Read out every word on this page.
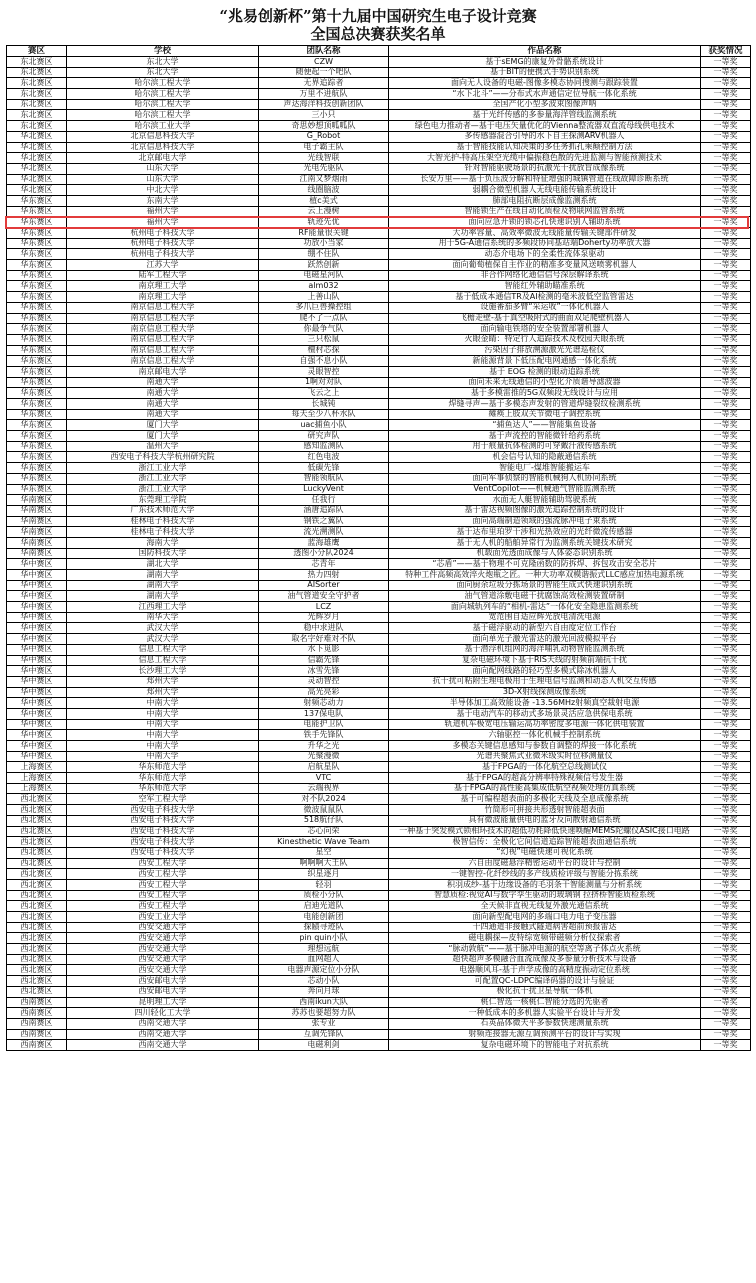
“兆易创新杯”第十九届中国研究生电子设计竞赛
全国总决赛获奖名单
赛区	学校	团队名称	作品名称	获奖情况
东北赛区	东北大学	CZW	基于sEMG的康复外骨骼系统设计	一等奖
东北赛区	东北大学	随便起一个吧队	基于BIT的便携式手势识别系统	一等奖
东北赛区	哈尔滨工程大学	无界追踪者	面向无人设备的电磁-图像多模态协同搜测与跟踪装置	一等奖
东北赛区	哈尔滨工程大学	万里不进航队	“水下北斗”——分布式水声通信定位导航一体化系统	一等奖
东北赛区	哈尔滨工程大学	声达海洋科技创新团队	全国产化小型多波束图像声呐	一等奖
东北赛区	哈尔滨工程大学	三小只	基于光纤传感的多参量海洋管线监测系统	一等奖
东北赛区	哈尔滨工业大学	奇思妙想顶呱呱队	绿色电力推动者—基于电压矢量优化的Vienna整流器双直流母线供电技术	一等奖
华北赛区	北京信息科技大学	G_Robot	多传感器混合引导的水下自主探测ARV机器人	一等奖
华北赛区	北京信息科技大学	电子霸主队	基于智能技能认知决策的多任务抓孔乘颠控制方法	一等奖
华北赛区	北京邮电大学	光线智联	大智光护-特高压架空光缆中偏振稳色散的先进监测与智能预测技术	一等奖
华北赛区	山东大学	光电先驱队	针对智能驱驶场景的抗激光干扰放盲成像系统	一等奖
华北赛区	山东大学	江南又梦烟雨	长安万里——基于负压波分解和特征增强的城镇管道在线故障诊断系统	一等奖
华北赛区	中北大学	线圈脑波	弱耦合微型机器人无线电能传输系统设计	一等奖
华东赛区	东南大学	植c美式	肺部电阻抗断层成像监测系统	一等奖
华东赛区	福州大学	云上漫树	智能锁生产在线自动化质检及物联网监管系统	一等奖
华东赛区	福州大学	轨迹先优	面向应急开锁的锁芯孔快速识别人辅助系统	一等奖
华东赛区	杭州电子科技大学	RF能量很关键	大功率容量、高效率微波无线能量传输关键部件研发	一等奖
华东赛区	杭州电子科技大学	功放小当家	用于5G-A通信系统的多频段协同基站端Doherty功率放大器	一等奖
华东赛区	杭州电子科技大学	绷不住队	动态介电场下的全柔性流体泵驱动	一等奖
华东赛区	江苏大学	跃然创新	面向葡萄植保自主作业的精准多变量风送喷雾机器人	一等奖
华东赛区	陆军工程大学	电磁星河队	非合作网络化通信信号深层解译系统	一等奖
华东赛区	南京理工大学	alm032	智能红外辅助瞄准系统	一等奖
华东赛区	南京理工大学	上善山队	基于低成本通信TR及AI检测的毫米波低空监管雷达	一等奖
华东赛区	南京信息工程大学	多爪巨兽操控组	设施番茄多臂“采运收”一体化机器人	一等奖
华东赛区	南京信息工程大学	爬不了一点队	飞檐走壁-基于真空吸附式的曲面双足爬壁机器人	一等奖
华东赛区	南京信息工程大学	你最争气队	面向输电铁塔的安全装置部署机器人	一等奖
华东赛区	南京信息工程大学	三只松鼠	火眼金睛：特定行人追踪技术及校园天眼系统	一等奖
华东赛区	南京信息工程大学	檀村芯探	污染因子排放溯源激光光谱巡检仪	一等奖
华东赛区	南京信息工程大学	自强不息小队	新能源背景下低压配电网通感一体化系统	一等奖
华东赛区	南京邮电大学	灵眼智控	基于 EOG 检测的眼动追踪系统	一等奖
华东赛区	南通大学	1啊对对队	面向未来无线通信的小型化介质谐导滤波器	一等奖
华东赛区	南通大学	飞云之上	基于多模雷推的5G双频段无线设计与应用	一等奖
华东赛区	南通大学	长城钝	焊缝寻声—基于多模态声发射的管道焊缝裂纹检测系统	一等奖
华东赛区	南通大学	每天至少八杯水队	瘫痪上肢双关节微电子调控系统	一等奖
华东赛区	厦门大学	uac捕鱼小队	“捕鱼达人”——智能集鱼设备	一等奖
华东赛区	厦门大学	研究声队	基于声流控的智能微针给药系统	一等奖
华东赛区	温州大学	感知监测队	用于痕量抗体检测的可穿戴汗液传感系统	一等奖
华东赛区	西安电子科技大学杭州研究院	红色电波	机会信号认知的隐蔽通信系统	一等奖
华东赛区	浙江工业大学	低碳先锋	智能电厂-煤堆智能搬运车	一等奖
华东赛区	浙江工业大学	智能领航队	面向军事侦察的智能机械狗人机协同系统	一等奖
华东赛区	浙江工业大学	LuckyVent	VentCopilot——机械通气智能监测系统	一等奖
华南赛区	东莞理工学院	任我行	水面无人艇智能辅助驾驶系统	一等奖
华南赛区	广东技术师范大学	涵唐追踪队	基于雷达视频图像的激光追踪控制系统的设计	一等奖
华南赛区	桂林电子科技大学	钢铁之翼队	面向高端制造领域的强流脉冲电子束系统	一等奖
华南赛区	桂林电子科技大学	流光溯测队	基于达布里珀罗干涉和光热效应的光纤微流传感器	一等奖
华南赛区	海南大学	蓝海雄鹰	基于无人机的船舶异常行为监测系统关键技术研究	一等奖
华南赛区	国防科技大学	透图小分队2024	机载面光透面成像与人体姿态识别系统	一等奖
华中赛区	湖北大学	芯青年	“芯盾”——基于物理不可克隆函数的防拆焊、拆包攻击安全芯片	一等奖
华中赛区	湖南大学	热力四射	特种工件高频高效淬火炮瓶之匠。一种大功率双模谐振式LLC感应加热电源系统	一等奖
华中赛区	湖南大学	AISorter	面向厨余垃圾分拣场景的智能生成式快速识别系统	一等奖
华中赛区	湖南大学	油气管道安全守护者	油气管道涂敷电磁干扰腐蚀高效检测装置研制	一等奖
华中赛区	江西理工大学	LCZ	面向城轨列车的“相机-雷达”一体化安全隐患监测系统	一等奖
华中赛区	南华大学	光辉岁月	宽范围自适应辉光放电清洗电源	一等奖
华中赛区	武汉大学	稳中求进队	基于磁浮驱动的新型六自由度定位工作台	一等奖
华中赛区	武汉大学	取名字好难对不队	面向单光子激光雷达的激光回波模拟平台	一等奖
华中赛区	信息工程大学	水下觅影	基于潜浮机组网的海洋哺乳动物智能监测系统	一等奖
华中赛区	信息工程大学	信霸先锋	复杂电磁环境下基于RIS天线的射频前端抗干扰	一等奖
华中赛区	长沙理工大学	冰雪先锋	面向配网线路的轻巧型多模式除冰机器人	一等奖
华中赛区	郑州大学	灵动智控	抗干扰可粘附生理电极用于生理电信号监测和动态人机交互传感	一等奖
华中赛区	郑州大学	高光亮彩	3D-X射线探测成像系统	一等奖
华中赛区	中南大学	射频芯动力	半导体加工高效能设备 -13.56MHz射频真空裁射电源	一等奖
华中赛区	中南大学	137保电队	基于电动汽车的移动式多场景灵活应急供保电系统	一等奖
华中赛区	中南大学	电能护卫队	轨道机车极宽电压输运高功率密度多电源一体化供电装置	一等奖
华中赛区	中南大学	铁手先锋队	六轴驱控一体化机械手控制系统	一等奖
华中赛区	中南大学	升华之光	多模态关键信息感知与参数自调整的焊接一体化系统	一等奖
华中赛区	中南大学	光聚漫微	光谱共聚焦式亚微米级实时位移测量仪	一等奖
上海赛区	华东师范大学	启航星队	基于FPGA的一体化航空总线测试仪	一等奖
上海赛区	华东师范大学	VTC	基于FPGA的超高分辨率特殊视频信号发生器	一等奖
上海赛区	华东师范大学	云端视界	基于FPGA的高性能高集成低航空视频处理仿真系统	一等奖
西北赛区	空军工程大学	对不队2024	基于可编程超表面的多极化天线及全息成像系统	一等奖
西北赛区	西安电子科技大学	微波鼠鼠队	竹简形可拼接共形透射智能超表面	一等奖
西北赛区	西安电子科技大学	518航仔队	具有微波能量供电的蓝牙反向散射通信系统	一等奖
西北赛区	西安电子科技大学	芯心向荣	一种基于突发模式锁相环技术的超低功耗降低快速唤醒MEMS陀螺仪ASIC接口电路	一等奖
西北赛区	西安电子科技大学	Kinesthetic Wave Team	极智信传：全极化它间信道追踪智能超表面通信系统	一等奖
西北赛区	西安电子科技大学	星空	“幻视”电磁快速可视化系统	一等奖
西北赛区	西安工程大学	啊啊啊大王队	六自由度磁悬浮精密运动平台的设计与控制	一等奖
西北赛区	西安工程大学	织星逐月	一键智控-化纤纱线的多产线质检评级与智能分拣系统	一等奖
西北赛区	西安工程大学	轻羽	积羽成纱-基于边缘设备的毛羽条干智能测量与分析系统	一等奖
西北赛区	西安工程大学	质检小分队	智慧质检:视觉AI与数字孪生驱动的玻璃钢 拉挤桥智能质检系统	一等奖
西北赛区	西安工程大学	启迪光道队	全天候非直视无线复外激光通信系统	一等奖
西北赛区	西安工业大学	电能创新团	面向新型配电网的多端口电力电子变压器	一等奖
西北赛区	西安交通大学	探赜寻迹队	十四通道非接触式隧道病害超前预报雷达	一等奖
西北赛区	西安交通大学	pin quin小队	磁电耦探—皮特综宽频带磁频分析仪探索者	一等奖
西北赛区	西安交通大学	理想远航	“脉动敦航”——基于脉冲电源的航空等离子体点火系统	一等奖
西北赛区	西安交通大学	血网超人	超快超声多模融合血流成像及多参量分析技术与设备	一等奖
西北赛区	西安交通大学	电器声源定位小分队	电器顺风耳-基于声学成像的高精度振动定位系统	一等奖
西北赛区	西安邮电大学	芯动小队	可配置QC-LDPC编译码器的设计与验证	一等奖
西北赛区	西安邮电大学	奔向月球	极化抗干扰卫星导航一体机	一等奖
西南赛区	昆明理工大学	西南ikun大队	桃仁智选一核桃仁智能分选的先驱者	一等奖
西南赛区	四川轻化工大学	苏苏也要超努力队	一种低成本的多机器人实验平台设计与开发	一等奖
西南赛区	西南交通大学	张专业	石英晶体微天平多参数快速测量系统	一等奖
西南赛区	西南交通大学	互调先锋队	射频连接器无源互调预测平台的设计与实现	一等奖
西南赛区	西南交通大学	电磁利剑	复杂电磁环境下的智能电子对抗系统	一等奖
